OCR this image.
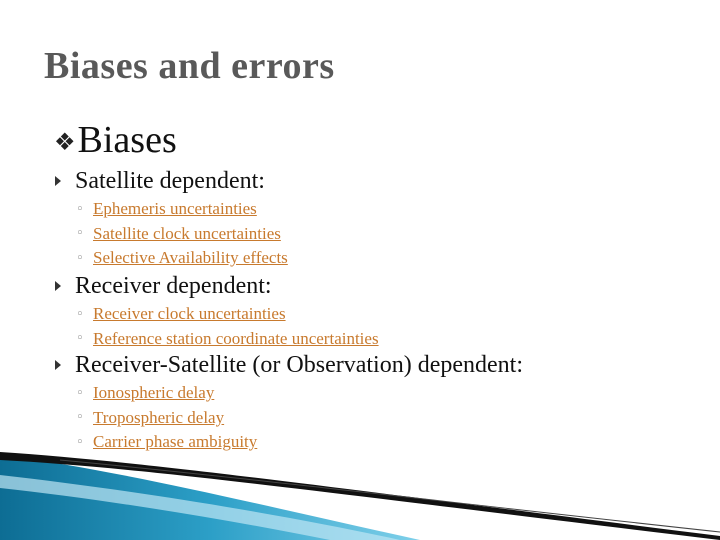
Biases and errors
❖ Biases
Satellite dependent:
◦ Ephemeris uncertainties
◦ Satellite clock uncertainties
◦ Selective Availability effects
Receiver dependent:
◦ Receiver clock uncertainties
◦ Reference station coordinate uncertainties
Receiver-Satellite (or Observation) dependent:
◦ Ionospheric delay
◦ Tropospheric delay
◦ Carrier phase ambiguity
